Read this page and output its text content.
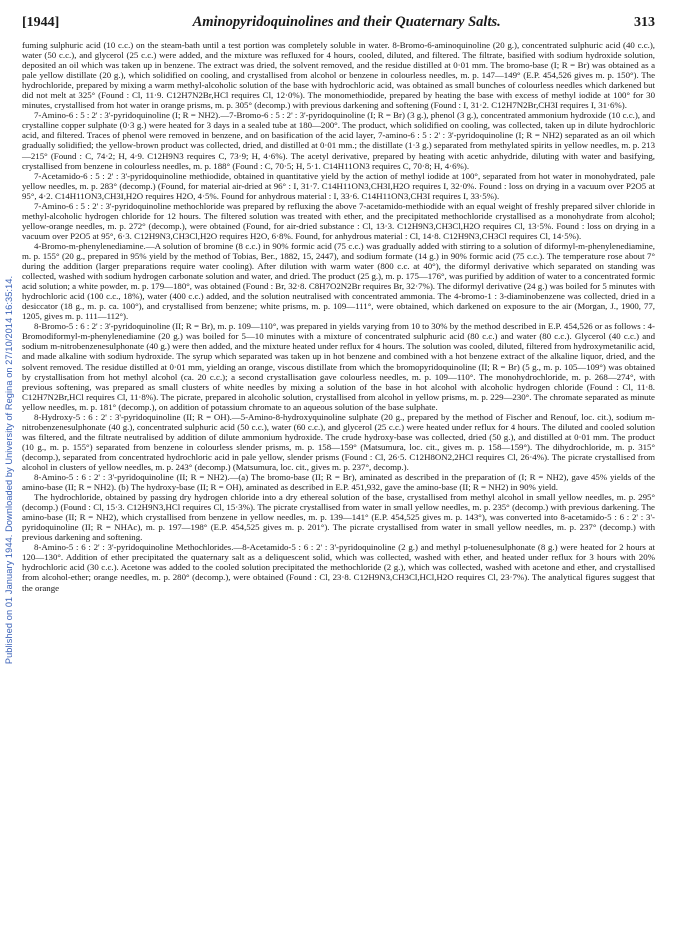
Published on 01 January 1944. Downloaded by University of Regina on 27/10/2014 16:35:14.
[1944]	Aminopyridoquinolines and their Quaternary Salts.	313

fuming sulphuric acid (10 c.c.) on the steam-bath until a test portion was completely soluble in water. 8-Bromo-6-aminoquinoline (20 g.), concentrated sulphuric acid (40 c.c.), water (50 c.c.), and glycerol (25 c.c.) were added, and the mixture was refluxed for 4 hours, cooled, diluted, and filtered. The filtrate, basified with sodium hydroxide solution, deposited an oil which was taken up in benzene. The extract was dried, the solvent removed, and the residue distilled at 0·01 mm. The bromo-base (I; R = Br) was obtained as a pale yellow distillate (20 g.), which solidified on cooling, and crystallised from alcohol or benzene in colourless needles, m. p. 147—149° (E.P. 454,526 gives m. p. 150°). The hydrochloride, prepared by mixing a warm methyl-alcoholic solution of the base with hydrochloric acid, was obtained as small bunches of colourless needles which darkened but did not melt at 325° (Found : Cl, 11·9. C12H7N2Br,HCl requires Cl, 12·0%). The monomethiodide, prepared by heating the base with excess of methyl iodide at 100° for 30 minutes, crystallised from hot water in orange prisms, m. p. 305° (decomp.) with previous darkening and softening (Found : I, 31·2. C12H7N2Br,CH3I requires I, 31·6%).

7-Amino-6 : 5 : 2' : 3'-pyridoquinoline (I; R = NH2).—7-Bromo-6 : 5 : 2' : 3'-pyridoquinoline (I; R = Br) (3 g.), phenol (3 g.), concentrated ammonium hydroxide (10 c.c.), and crystalline copper sulphate (0·3 g.) were heated for 3 days in a sealed tube at 180—200°. The product, which solidified on cooling, was collected, taken up in dilute hydrochloric acid, and filtered. Traces of phenol were removed in benzene, and on basification of the acid layer, 7-amino-6 : 5 : 2' : 3'-pyridoquinoline (I; R = NH2) separated as an oil which gradually solidified; the yellow-brown product was collected, dried, and distilled at 0·01 mm.; the distillate (1·3 g.) separated from methylated spirits in yellow needles, m. p. 213—215° (Found : C, 74·2; H, 4·9. C12H9N3 requires C, 73·9; H, 4·6%). The acetyl derivative, prepared by heating with acetic anhydride, diluting with water and basifying, crystallised from benzene in colourless needles, m. p. 188° (Found : C, 70·5; H, 5·1. C14H11ON3 requires C, 70·8; H, 4·6%).

7-Acetamido-6 : 5 : 2' : 3'-pyridoquinoline methiodide, obtained in quantitative yield by the action of methyl iodide at 100°, separated from hot water in monohydrated, pale yellow needles, m. p. 283° (decomp.) (Found, for material air-dried at 96° : I, 31·7. C14H11ON3,CH3I,H2O requires I, 32·0%. Found : loss on drying in a vacuum over P2O5 at 95°, 4·2. C14H11ON3,CH3I,H2O requires H2O, 4·5%. Found for anhydrous material : I, 33·6. C14H11ON3,CH3I requires I, 33·5%).

7-Amino-6 : 5 : 2' : 3'-pyridoquinoline methochloride was prepared by refluxing the above 7-acetamido-methiodide with an equal weight of freshly prepared silver chloride in methyl-alcoholic hydrogen chloride for 12 hours. The filtered solution was treated with ether, and the precipitated methochloride crystallised as a monohydrate from alcohol; yellow-orange needles, m. p. 272° (decomp.), were obtained (Found, for air-dried substance : Cl, 13·3. C12H9N3,CH3Cl,H2O requires Cl, 13·5%. Found : loss on drying in a vacuum over P2O5 at 95°, 6·3. C12H9N3,CH3Cl,H2O requires H2O, 6·8%. Found, for anhydrous material : Cl, 14·8. C12H9N3,CH3Cl requires Cl, 14·5%).

4-Bromo-m-phenylenediamine.—A solution of bromine (8 c.c.) in 90% formic acid (75 c.c.) was gradually added with stirring to a solution of diformyl-m-phenylenediamine, m. p. 155° (20 g., prepared in 95% yield by the method of Tobias, Ber., 1882, 15, 2447), and sodium formate (14 g.) in 90% formic acid (75 c.c.). The temperature rose about 7° during the addition (larger preparations require water cooling). After dilution with warm water (800 c.c. at 40°), the diformyl derivative which separated on standing was collected, washed with sodium hydrogen carbonate solution and water, and dried. The product (25 g.), m. p. 175—176°, was purified by addition of water to a concentrated formic acid solution; a white powder, m. p. 179—180°, was obtained (Found : Br, 32·8. C8H7O2N2Br requires Br, 32·7%). The diformyl derivative (24 g.) was boiled for 5 minutes with hydrochloric acid (100 c.c., 18%), water (400 c.c.) added, and the solution neutralised with concentrated ammonia. The 4-bromo-1 : 3-diaminobenzene was collected, dried in a desiccator (18 g., m. p. ca. 100°), and crystallised from benzene; white prisms, m. p. 109—111°, were obtained, which darkened on exposure to the air (Morgan, J., 1900, 77, 1205, gives m. p. 111—112°).

8-Bromo-5 : 6 : 2' : 3'-pyridoquinoline (II; R = Br), m. p. 109—110°, was prepared in yields varying from 10 to 30% by the method described in E.P. 454,526 or as follows : 4-Bromodiformyl-m-phenylenediamine (20 g.) was boiled for 5—10 minutes with a mixture of concentrated sulphuric acid (80 c.c.) and water (80 c.c.). Glycerol (40 c.c.) and sodium m-nitrobenzenesulphonate (40 g.) were then added, and the mixture heated under reflux for 4 hours. The solution was cooled, diluted, filtered from hydroxymetanilic acid, and made alkaline with sodium hydroxide. The syrup which separated was taken up in hot benzene and combined with a hot benzene extract of the alkaline liquor, dried, and the solvent removed. The residue distilled at 0·01 mm, yielding an orange, viscous distillate from which the bromopyridoquinoline (II; R = Br) (5 g., m. p. 105—109°) was obtained by crystallisation from hot methyl alcohol (ca. 20 c.c.); a second crystallisation gave colourless needles, m. p. 109—110°. The monohydrochloride, m. p. 268—274°, with previous softening, was prepared as small clusters of white needles by mixing a solution of the base in hot alcohol with alcoholic hydrogen chloride (Found : Cl, 11·8. C12H7N2Br,HCl requires Cl, 11·8%). The picrate, prepared in alcoholic solution, crystallised from alcohol in yellow prisms, m. p. 229—230°. The chromate separated as minute yellow needles, m. p. 181° (decomp.), on addition of potassium chromate to an aqueous solution of the base sulphate.

8-Hydroxy-5 : 6 : 2' : 3'-pyridoquinoline (II; R = OH).—5-Amino-8-hydroxyquinoline sulphate (20 g., prepared by the method of Fischer and Renouf, loc. cit.), sodium m-nitrobenzenesulphonate (40 g.), concentrated sulphuric acid (50 c.c.), water (60 c.c.), and glycerol (25 c.c.) were heated under reflux for 4 hours. The diluted and cooled solution was filtered, and the filtrate neutralised by addition of dilute ammonium hydroxide. The crude hydroxy-base was collected, dried (50 g.), and distilled at 0·01 mm. The product (10 g., m. p. 155°) separated from benzene in colourless slender prisms, m. p. 158—159° (Matsumura, loc. cit., gives m. p. 158—159°). The dihydrochloride, m. p. 315° (decomp.), separated from concentrated hydrochloric acid in pale yellow, slender prisms (Found : Cl, 26·5. C12H8ON2,2HCl requires Cl, 26·4%). The picrate crystallised from alcohol in clusters of yellow needles, m. p. 243° (decomp.) (Matsumura, loc. cit., gives m. p. 237°, decomp.).

8-Amino-5 : 6 : 2' : 3'-pyridoquinoline (II; R = NH2).—(a) The bromo-base (II; R = Br), aminated as described in the preparation of (I; R = NH2), gave 45% yields of the amino-base (II; R = NH2). (b) The hydroxy-base (II; R = OH), aminated as described in E.P. 451,932, gave the amino-base (II; R = NH2) in 90% yield.

The hydrochloride, obtained by passing dry hydrogen chloride into a dry ethereal solution of the base, crystallised from methyl alcohol in small yellow needles, m. p. 295° (decomp.) (Found : Cl, 15·3. C12H9N3,HCl requires Cl, 15·3%). The picrate crystallised from water in small yellow needles, m. p. 235° (decomp.) with previous darkening. The amino-base (II; R = NH2), which crystallised from benzene in yellow needles, m. p. 139—141° (E.P. 454,525 gives m. p. 143°), was converted into 8-acetamido-5 : 6 : 2' : 3'-pyridoquinoline (II; R = NHAc), m. p. 197—198° (E.P. 454,525 gives m. p. 201°). The picrate crystallised from water in small yellow needles, m. p. 237° (decomp.) with previous darkening and softening.

8-Amino-5 : 6 : 2' : 3'-pyridoquinoline Methochlorides.—8-Acetamido-5 : 6 : 2' : 3'-pyridoquinoline (2 g.) and methyl p-toluenesulphonate (8 g.) were heated for 2 hours at 120—130°. Addition of ether precipitated the quaternary salt as a deliquescent solid, which was collected, washed with ether, and heated under reflux for 3 hours with 20% hydrochloric acid (30 c.c.). Acetone was added to the cooled solution precipitated the methochloride (2 g.), which was collected, washed with acetone and ether, and crystallised from alcohol-ether; orange needles, m. p. 280° (decomp.), were obtained (Found : Cl, 23·8. C12H9N3,CH3Cl,HCl,H2O requires Cl, 23·7%). The analytical figures suggest that the orange
